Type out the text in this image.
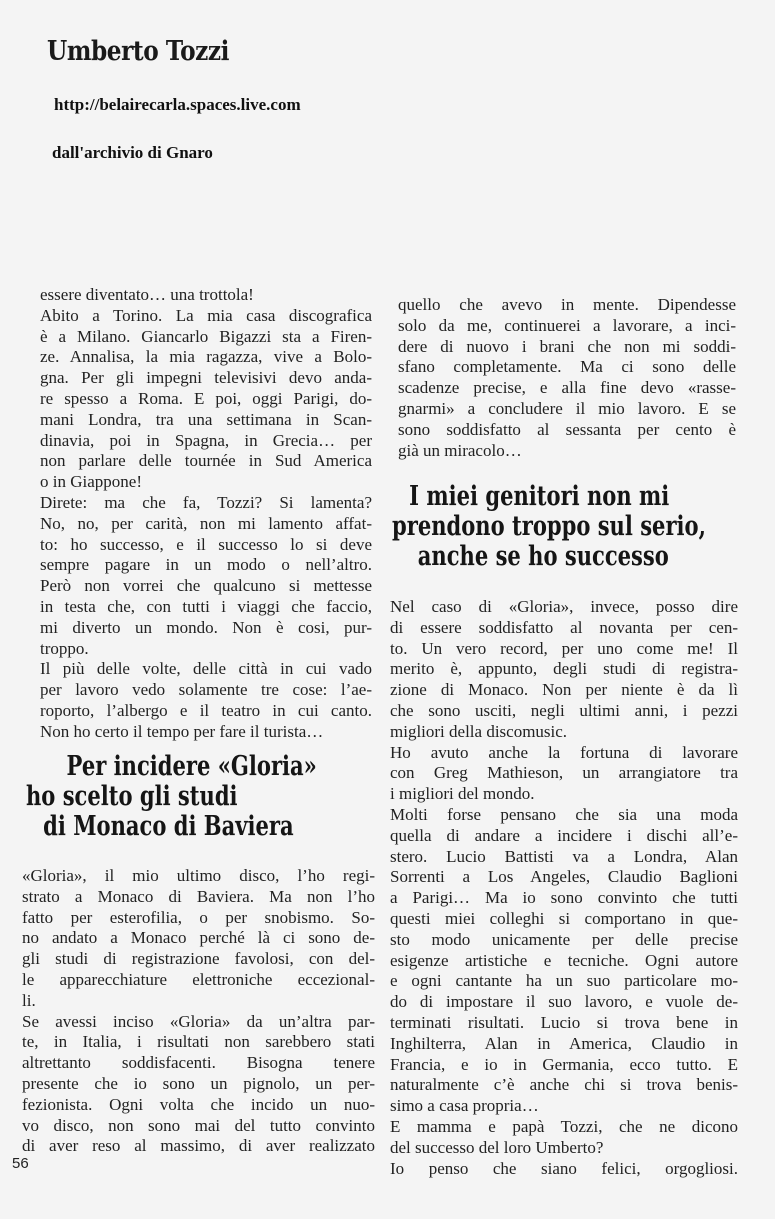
Umberto Tozzi
http://belairecarla.spaces.live.com
dall'archivio di Gnaro
essere diventato… una trottola!
Abito a Torino. La mia casa discografica
è a Milano. Giancarlo Bigazzi sta a Firen-
ze. Annalisa, la mia ragazza, vive a Bolo-
gna. Per gli impegni televisivi devo anda-
re spesso a Roma. E poi, oggi Parigi, do-
mani Londra, tra una settimana in Scan-
dinavia, poi in Spagna, in Grecia… per
non parlare delle tournée in Sud America
o in Giappone!
Direte: ma che fa, Tozzi? Si lamenta?
No, no, per carità, non mi lamento affat-
to: ho successo, e il successo lo si deve
sempre pagare in un modo o nell’altro.
Però non vorrei che qualcuno si mettesse
in testa che, con tutti i viaggi che faccio,
mi diverto un mondo. Non è cosi, pur-
troppo.
Il più delle volte, delle città in cui vado
per lavoro vedo solamente tre cose: l’ae-
roporto, l’albergo e il teatro in cui canto.
Non ho certo il tempo per fare il turista…
Per incidere «Gloria»
ho scelto gli studi
di Monaco di Baviera
«Gloria», il mio ultimo disco, l’ho regi-
strato a Monaco di Baviera. Ma non l’ho
fatto per esterofilia, o per snobismo. So-
no andato a Monaco perché là ci sono de-
gli studi di registrazione favolosi, con del-
le apparecchiature elettroniche eccezional-
li.
Se avessi inciso «Gloria» da un’altra par-
te, in Italia, i risultati non sarebbero stati
altrettanto soddisfacenti. Bisogna tenere
presente che io sono un pignolo, un per-
fezionista. Ogni volta che incido un nuo-
vo disco, non sono mai del tutto convinto
di aver reso al massimo, di aver realizzato
quello che avevo in mente. Dipendesse
solo da me, continuerei a lavorare, a inci-
dere di nuovo i brani che non mi soddi-
sfano completamente. Ma ci sono delle
scadenze precise, e alla fine devo «rasse-
gnarmi» a concludere il mio lavoro. E se
sono soddisfatto al sessanta per cento è
già un miracolo…
I miei genitori non mi
prendono troppo sul serio,
anche se ho successo
Nel caso di «Gloria», invece, posso dire
di essere soddisfatto al novanta per cen-
to. Un vero record, per uno come me! Il
merito è, appunto, degli studi di registra-
zione di Monaco. Non per niente è da lì
che sono usciti, negli ultimi anni, i pezzi
migliori della discomusic.
Ho avuto anche la fortuna di lavorare
con Greg Mathieson, un arrangiatore tra
i migliori del mondo.
Molti forse pensano che sia una moda
quella di andare a incidere i dischi all’e-
stero. Lucio Battisti va a Londra, Alan
Sorrenti a Los Angeles, Claudio Baglioni
a Parigi… Ma io sono convinto che tutti
questi miei colleghi si comportano in que-
sto modo unicamente per delle precise
esigenze artistiche e tecniche. Ogni autore
e ogni cantante ha un suo particolare mo-
do di impostare il suo lavoro, e vuole de-
terminati risultati. Lucio si trova bene in
Inghilterra, Alan in America, Claudio in
Francia, e io in Germania, ecco tutto. E
naturalmente c’è anche chi si trova benis-
simo a casa propria…
E mamma e papà Tozzi, che ne dicono
del successo del loro Umberto?
Io penso che siano felici, orgogliosi.
56
